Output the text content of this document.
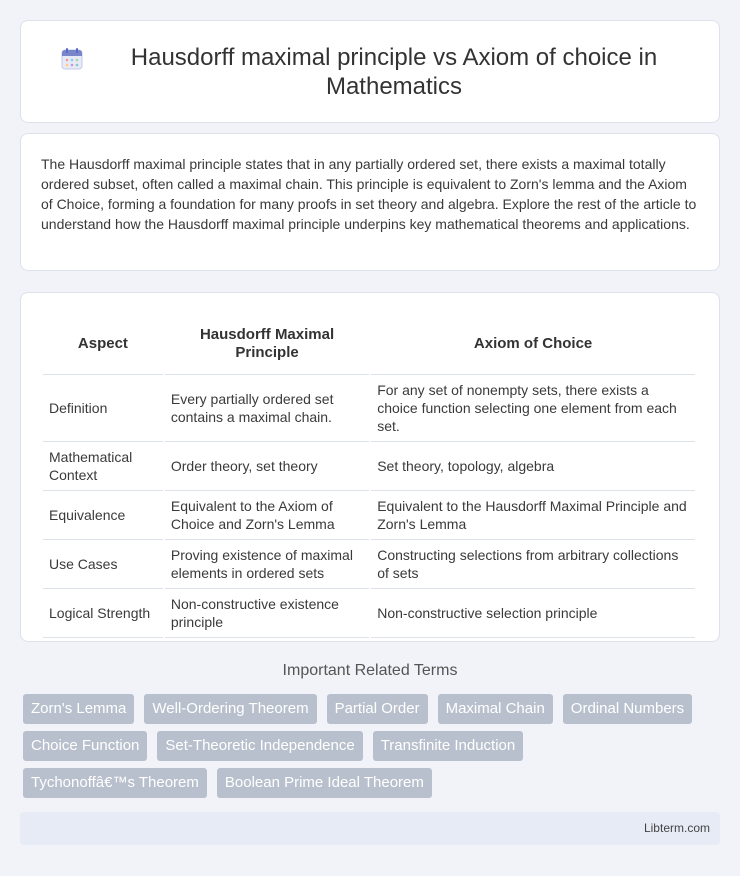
Hausdorff maximal principle vs Axiom of choice in Mathematics

The Hausdorff maximal principle states that in any partially ordered set, there exists a maximal totally ordered subset, often called a maximal chain. This principle is equivalent to Zorn's lemma and the Axiom of Choice, forming a foundation for many proofs in set theory and algebra. Explore the rest of the article to understand how the Hausdorff maximal principle underpins key mathematical theorems and applications.

Aspect	Hausdorff Maximal Principle	Axiom of Choice
Definition	Every partially ordered set contains a maximal chain.	For any set of nonempty sets, there exists a choice function selecting one element from each set.
Mathematical Context	Order theory, set theory	Set theory, topology, algebra
Equivalence	Equivalent to the Axiom of Choice and Zorn's Lemma	Equivalent to the Hausdorff Maximal Principle and Zorn's Lemma
Use Cases	Proving existence of maximal elements in ordered sets	Constructing selections from arbitrary collections of sets
Logical Strength	Non-constructive existence principle	Non-constructive selection principle
Important Related Terms
Zorn's Lemma	Well-Ordering Theorem	Partial Order	Maximal Chain	Ordinal Numbers
Choice Function	Set-Theoretic Independence	Transfinite Induction
Tychonoffâ€™s Theorem	Boolean Prime Ideal Theorem
Libterm.com
